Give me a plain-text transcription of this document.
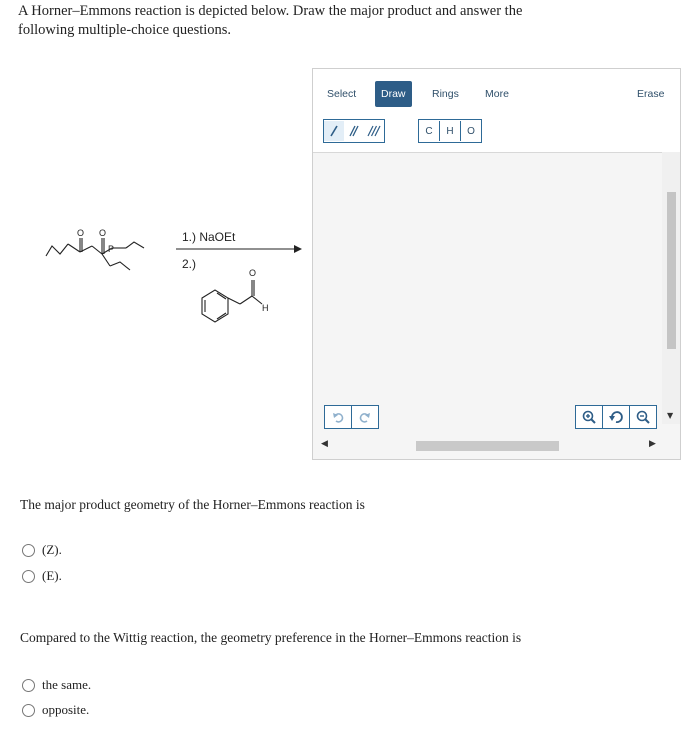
A Horner–Emmons reaction is depicted below. Draw the major product and answer the following multiple-choice questions.
O O
P
1.) NaOEt
2.)
O
H
Select	Draw	Rings	More	Erase
C	H	O
▼
◀	▶
The major product geometry of the Horner–Emmons reaction is
(Z).
(E).
Compared to the Wittig reaction, the geometry preference in the Horner–Emmons reaction is
the same.
opposite.
